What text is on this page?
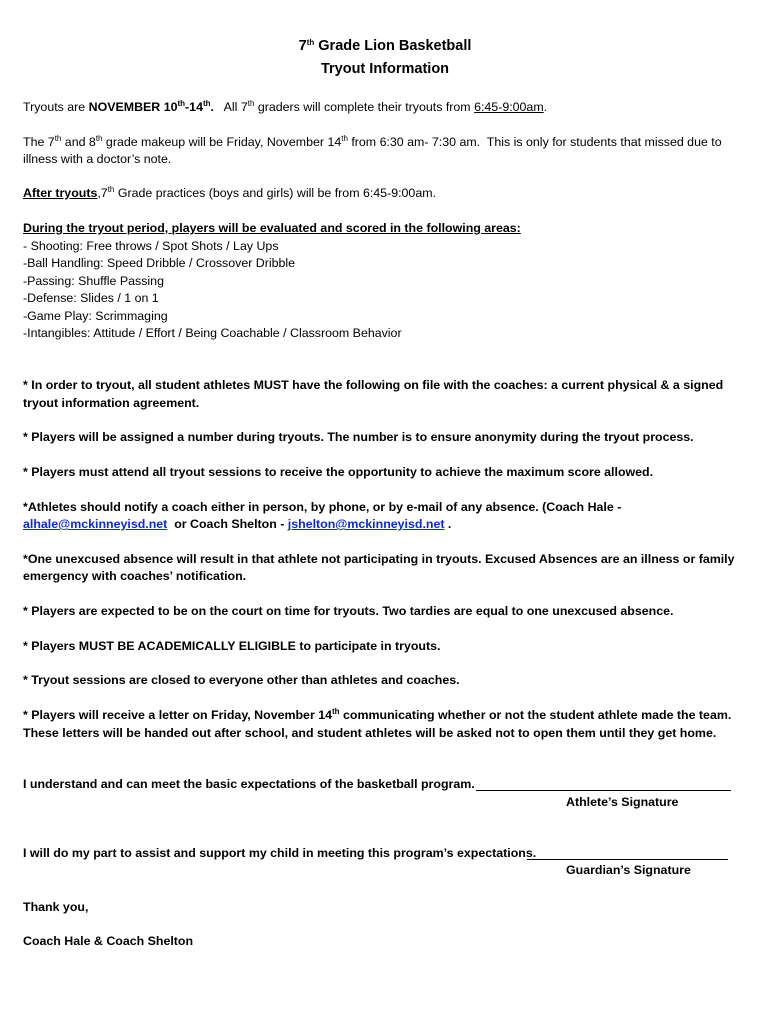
7th Grade Lion Basketball
Tryout Information
Tryouts are NOVEMBER 10th-14th.   All 7th graders will complete their tryouts from 6:45-9:00am.
The 7th and 8th grade makeup will be Friday, November 14th from 6:30 am- 7:30 am.  This is only for students that missed due to
illness with a doctor’s note.
After tryouts,7th Grade practices (boys and girls) will be from 6:45-9:00am.
During the tryout period, players will be evaluated and scored in the following areas:
- Shooting: Free throws / Spot Shots / Lay Ups
-Ball Handling: Speed Dribble / Crossover Dribble
-Passing: Shuffle Passing
-Defense: Slides / 1 on 1
-Game Play: Scrimmaging
-Intangibles: Attitude / Effort / Being Coachable / Classroom Behavior
* In order to tryout, all student athletes MUST have the following on file with the coaches: a current physical & a signed
tryout information agreement.
* Players will be assigned a number during tryouts. The number is to ensure anonymity during the tryout process.
* Players must attend all tryout sessions to receive the opportunity to achieve the maximum score allowed.
*Athletes should notify a coach either in person, by phone, or by e-mail of any absence. (Coach Hale -
alhale@mckinneyisd.net  or Coach Shelton - jshelton@mckinneyisd.net .
*One unexcused absence will result in that athlete not participating in tryouts. Excused Absences are an illness or family
emergency with coaches’ notification.
* Players are expected to be on the court on time for tryouts. Two tardies are equal to one unexcused absence.
* Players MUST BE ACADEMICALLY ELIGIBLE to participate in tryouts.
* Tryout sessions are closed to everyone other than athletes and coaches.
* Players will receive a letter on Friday, November 14th communicating whether or not the student athlete made the team.
These letters will be handed out after school, and student athletes will be asked not to open them until they get home.
I understand and can meet the basic expectations of the basketball program.
Athlete’s Signature
I will do my part to assist and support my child in meeting this program’s expectations.
Guardian’s Signature
Thank you,
Coach Hale & Coach Shelton
